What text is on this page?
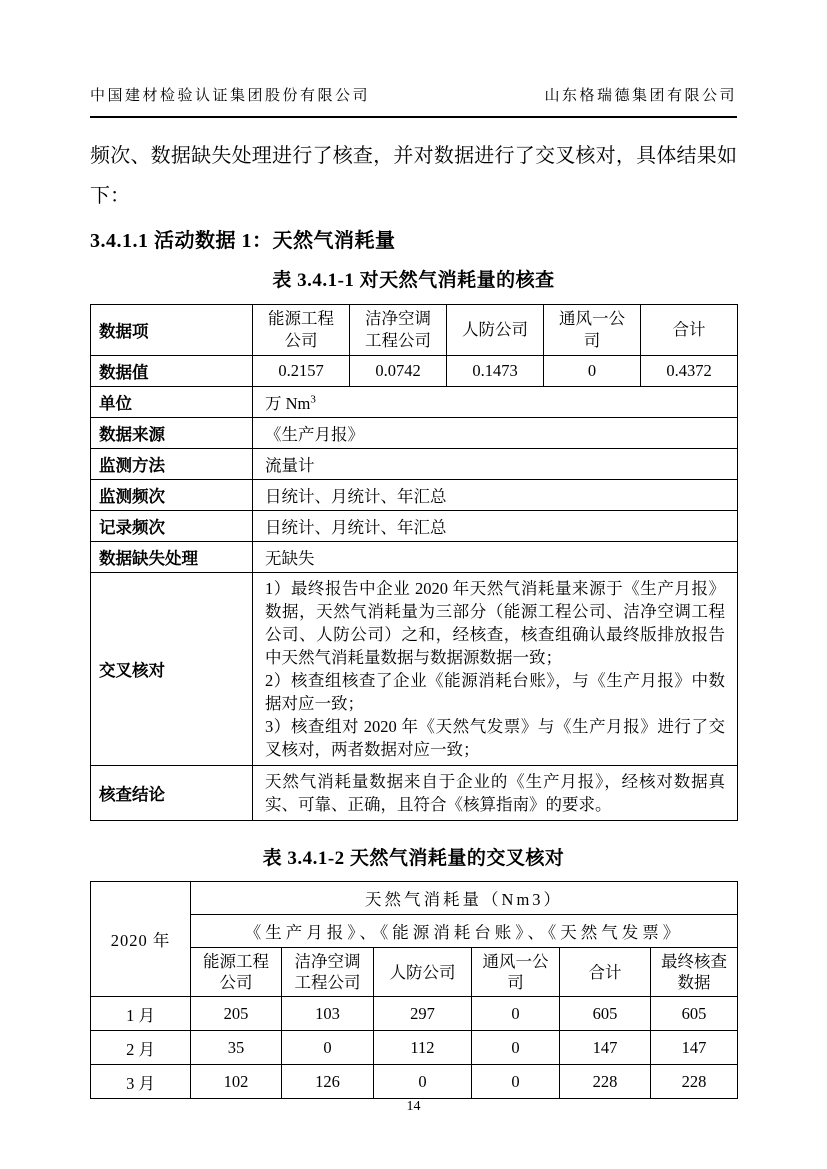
中国建材检验认证集团股份有限公司	山东格瑞德集团有限公司
频次、数据缺失处理进行了核查，并对数据进行了交叉核对，具体结果如
下：
3.4.1.1 活动数据 1：天然气消耗量
表 3.4.1-1 对天然气消耗量的核查
数据项	能源工程公司	洁净空调工程公司	人防公司	通风一公司	合计
数据值	0.2157	0.0742	0.1473	0	0.4372
单位	万 Nm$^3$
数据来源	《生产月报》				
监测方法	流量计				
监测频次	日统计、月统计、年汇总				
记录频次	日统计、月统计、年汇总				
数据缺失处理	无缺失				
交叉核对	1）最终报告中企业 2020 年天然气消耗量来源于《生产月报》数据，天然气消耗量为三部分（能源工程公司、洁净空调工程公司、人防公司）之和，经核查，核查组确认最终版排放报告中天然气消耗量数据与数据源数据一致；
2）核查组核查了企业《能源消耗台账》，与《生产月报》中数据对应一致；
3）核查组对 2020 年《天然气发票》与《生产月报》进行了交叉核对，两者数据对应一致；				

核查结论	天然气消耗量数据来自于企业的《生产月报》，经核对数据真实、可靠、正确，且符合《核算指南》的要求。				
表 3.4.1-2 天然气消耗量的交叉核对
2020 年	天然气消耗量（Nm3）					
	《生产月报》、《能源消耗台账》、《天然气发票》					
	能源工程公司	洁净空调工程公司	人防公司	通风一公司	合计	最终核查数据
1 月	205	103	297	0	605	605
2 月	35	0	112	0	147	147
3 月	102	126	0	0	228	228
14
